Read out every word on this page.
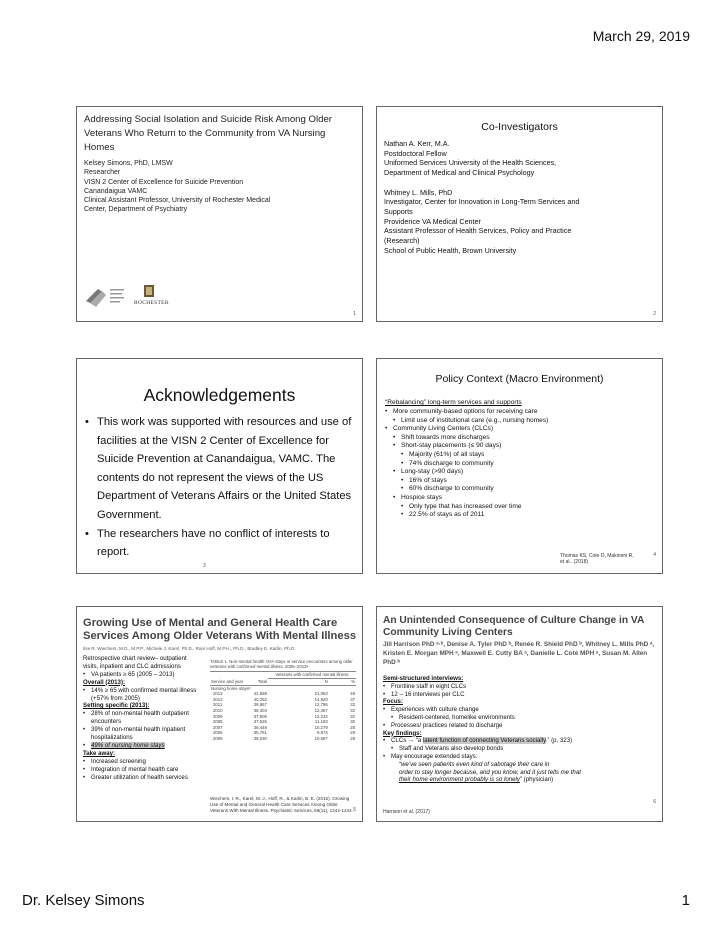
March 29, 2019
Addressing Social Isolation and Suicide Risk Among Older Veterans Who Return to the Community from VA Nursing Homes
Kelsey Simons, PhD, LMSW
Researcher
VISN 2 Center of Excellence for Suicide Prevention
Canandaigua VAMC
Clinical Assistant Professor, University of Rochester Medical
Center, Department of Psychiatry
ROCHESTER
1
Co-Investigators
Nathan A. Kerr, M.A.
Postdoctoral Fellow
Uniformed Services University of the Health Sciences,
Department of Medical and Clinical Psychology
Whitney L. Mills, PhD
Investigator, Center for Innovation in Long-Term Services and
Supports
Providence VA Medical Center
Assistant Professor of Health Services, Policy and Practice
(Research)
School of Public Health, Brown University
2
Acknowledgements
• This work was supported with resources and use of facilities at the VISN 2 Center of Excellence for Suicide Prevention at Canandaigua, VAMC. The contents do not represent the views of the US Department of Veterans Affairs or the United States Government.
• The researchers have no conflict of interests to report.
3
Policy Context (Macro Environment)
“Rebalancing” long-term services and supports
• More community-based options for receiving care
• Limit use of institutional care (e.g., nursing homes)
• Community Living Centers (CLCs)
• Shift towards more discharges
• Short-stay placements (≤ 90 days)
• Majority (61%) of all stays
• 74% discharge to community
• Long-stay (>90 days)
• 16% of stays
• 60% discharge to community
• Hospice stays
• Only type that has increased over time
• 22.5% of stays as of 2011
Thomas KS, Cote D, Makineni R,
et al.. (2018)
4
Growing Use of Mental and General Health Care Services Among Older Veterans With Mental Illness
Ilse R. Wiechers, M.D., M.P.P., Michele J. Karel, Ph.D., Rani Hoff, M.P.H., Ph.D., Bradley E. Karlin, Ph.D.
Retrospective chart review– outpatient
visits, inpatient and CLC admissions
• VA patients ≥ 65 (2005 – 2013)
Overall (2013):
• 14% ≥ 65 with confirmed mental illness (+57% from 2005)
Setting specific (2013):
• 28% of non-mental health outpatient encounters
• 39% of non-mental health inpatient hospitalizations
• 49% of nursing home stays
Take away:
• Increased screening
• Integration of mental health care
• Greater utilization of health services
TABLE 1. Non-mental health VHA stays or service encounters among older veterans with confirmed mental illness, 2005–2013ᵃ
		Veterans with confirmed mental illness	
Service and year	Total	N	%
Nursing home staysᵇ			
2013	42,588	21,063	49
2012	40,252	14,820	37
2011	38,867	12,786	33
2010	38,404	12,367	32
2009	37,906	12,222	32
2008	37,526	11,183	30
2007	36,449	10,279	28
2006	35,761	9,974	28
2005	38,030	10,687	28
Wiechers, I. R., Karel, M. J., Hoff, R., & Karlin, B. E. (2015). Growing Use of Mental and General Health Care Services Among Older Veterans With Mental Illness. Psychiatric Services, 66(11), 1242-1244. 5
An Unintended Consequence of Culture Change in VA Community Living Centers
Jill Harrison PhD ᵃ·ᵇ, Denise A. Tyler PhD ᵇ, Renée R. Shield PhD ᵇ, Whitney L. Mills PhD ᵃ, Kristen E. Morgan MPH ᵃ, Maxwell E. Cutty BA ᵃ, Danielle L. Coté MPH ᵃ, Susan M. Allen PhD ᵇ
Semi-structured interviews:
• Frontline staff in eight CLCs
• 12 – 16 interviews per CLC
Focus:
• Experiences with culture change
• Resident-centered, homelike environments
• Processes/ practices related to discharge
Key findings:
• CLCs → “a latent function of connecting Veterans socially.” (p. 323)
• Staff and Veterans also develop bonds
• May encourage extended stays:
“we’ve seen patients even kind of sabotage their care in
order to stay longer because, and you know, and it just tells me that
their home environment probably is so lonely” (physician)
Harrison et al. (2017)
6
Dr. Kelsey Simons	1
